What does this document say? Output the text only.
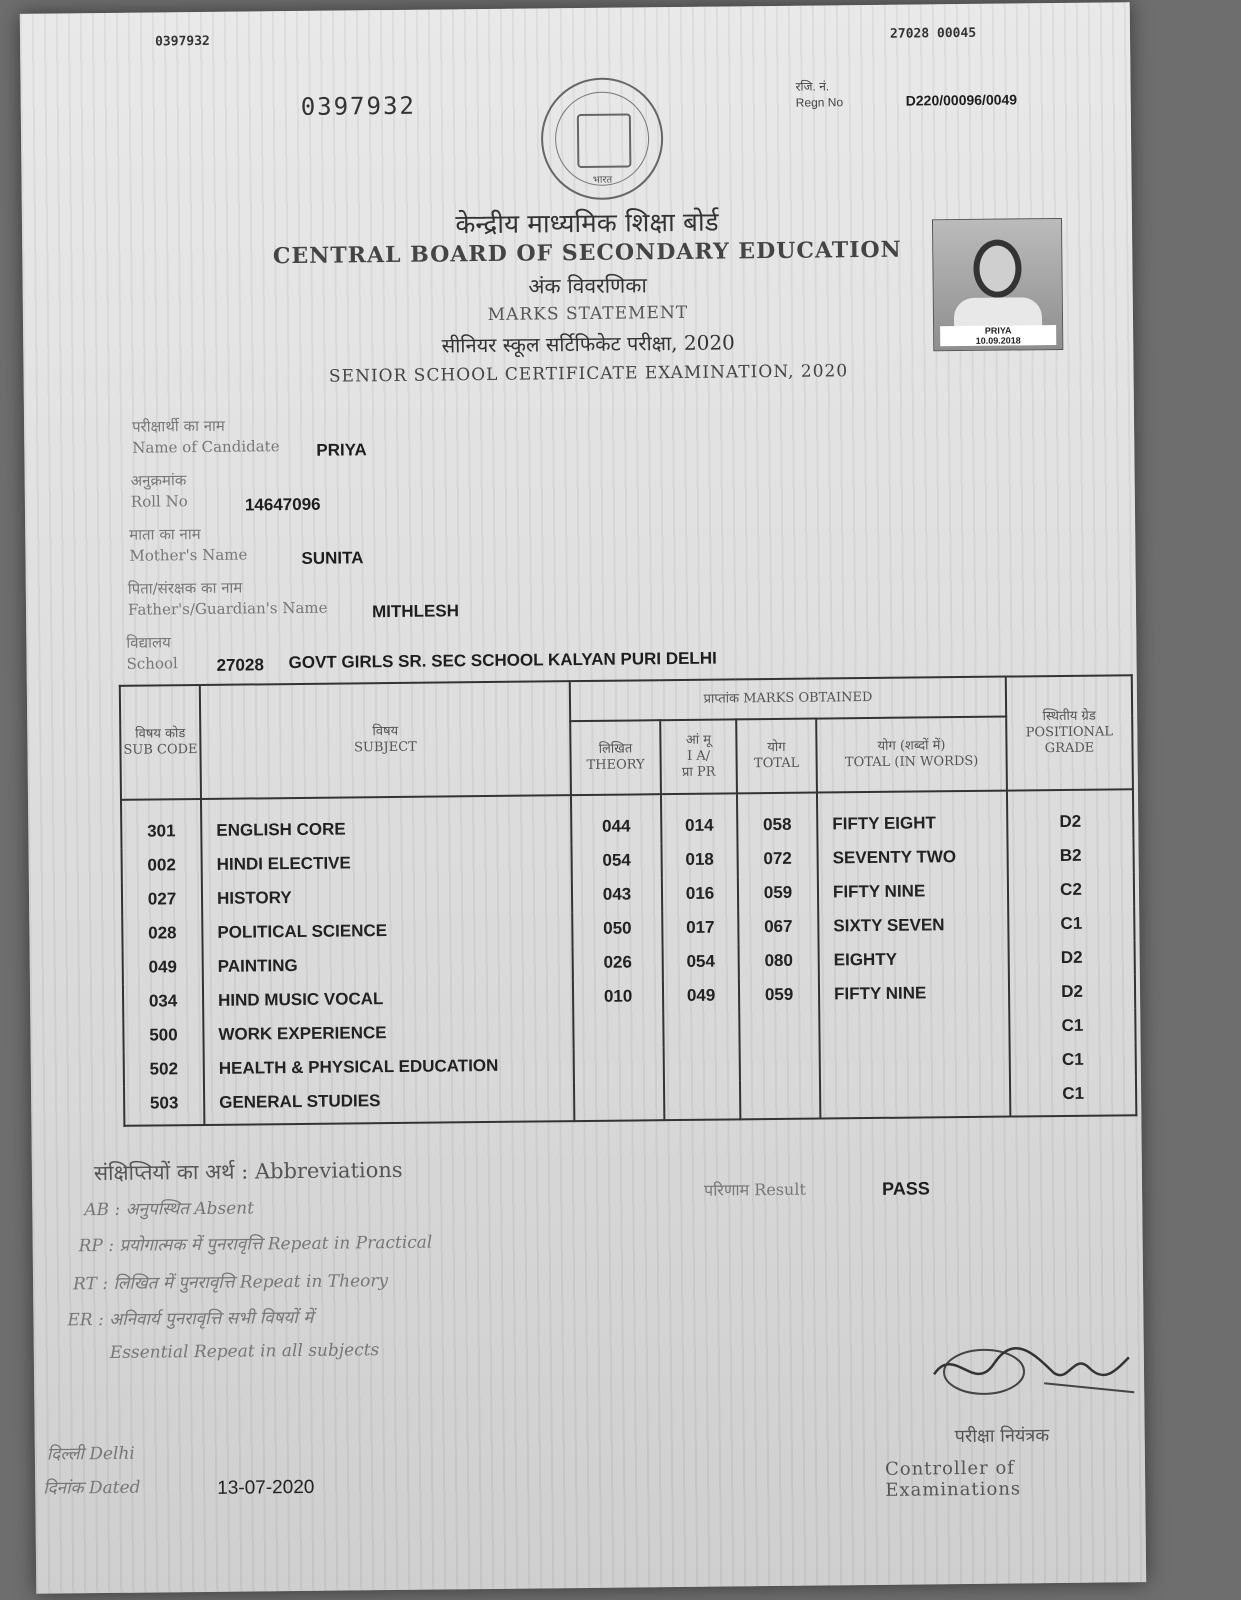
0397932	27028 00045
0397932
भारत
रजि. नं.
Regn No	D220/00096/0049
केन्द्रीय माध्यमिक शिक्षा बोर्ड
CENTRAL BOARD OF SECONDARY EDUCATION
अंक विवरणिका
MARKS STATEMENT
सीनियर स्कूल सर्टिफिकेट परीक्षा, 2020
SENIOR SCHOOL CERTIFICATE EXAMINATION, 2020
PRIYA
10.09.2018
परीक्षार्थी का नाम
Name of Candidate PRIYA
अनुक्रमांक
Roll No	14647096
माता का नाम
Mother's Name	SUNITA
पिता/संरक्षक का नाम
Father's/Guardian's Name	MITHLESH
विद्यालय
School 27028 GOVT GIRLS SR. SEC SCHOOL KALYAN PURI DELHI
विषय कोड
SUB CODE	विषय
SUBJECT	प्राप्तांक MARKS OBTAINED				स्थितीय ग्रेड
POSITIONAL GRADE
		लिखित
THEORY	आं मू
I A/
प्रा PR	योग
TOTAL	योग (शब्दों में)
TOTAL (IN WORDS)	
301	ENGLISH CORE	044	014	058	FIFTY EIGHT	D2
002	HINDI ELECTIVE	054	018	072	SEVENTY TWO	B2
027	HISTORY	043	016	059	FIFTY NINE	C2
028	POLITICAL SCIENCE	050	017	067	SIXTY SEVEN	C1
049	PAINTING	026	054	080	EIGHTY	D2
034	HIND MUSIC VOCAL	010	049	059	FIFTY NINE	D2
500	WORK EXPERIENCE					C1
502	HEALTH & PHYSICAL EDUCATION					C1
503	GENERAL STUDIES					C1
संक्षिप्तियों का अर्थ : Abbreviations
AB : अनुपस्थित Absent
RP : प्रयोगात्मक में पुनरावृत्ति Repeat in Practical
RT : लिखित में पुनरावृत्ति Repeat in Theory
ER : अनिवार्य पुनरावृत्ति सभी विषयों में
Essential Repeat in all subjects
परिणाम Result	PASS
दिल्ली Delhi
दिनांक Dated	13-07-2020
परीक्षा नियंत्रक
Controller of Examinations
